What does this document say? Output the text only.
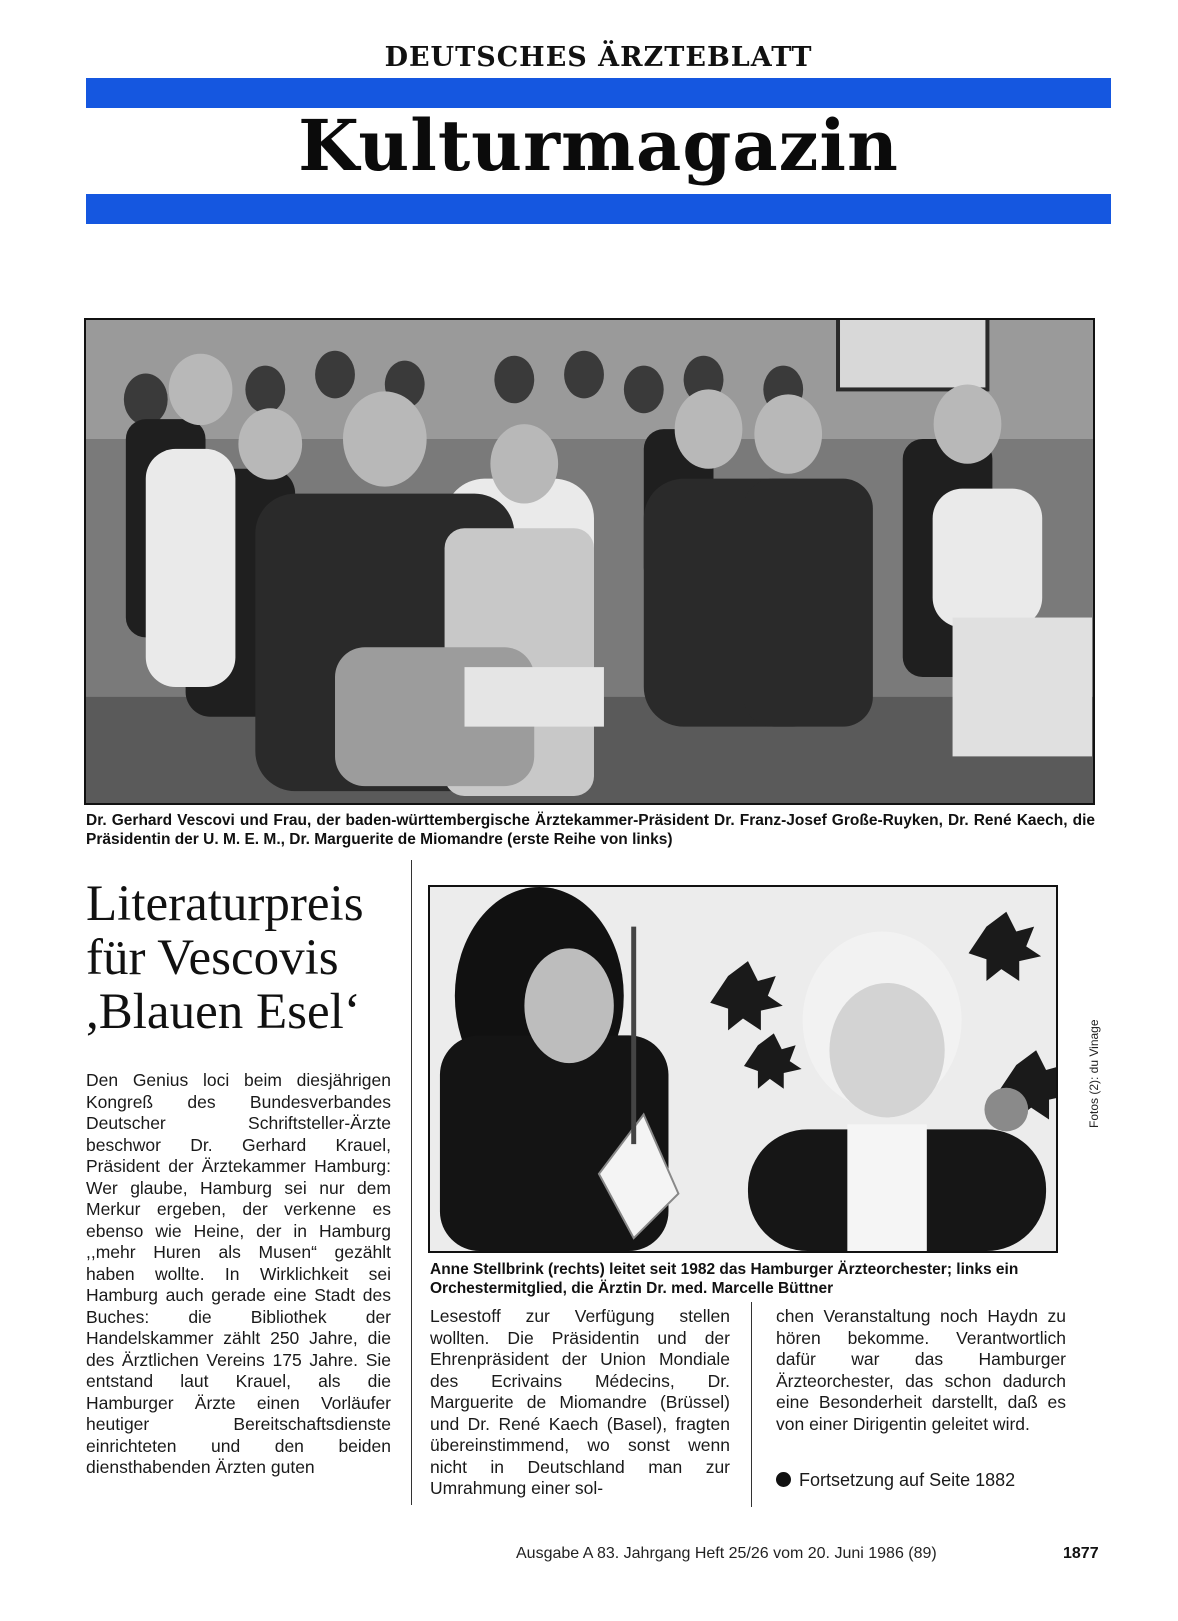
DEUTSCHES ÄRZTEBLATT
Kulturmagazin
Dr. Gerhard Vescovi und Frau, der baden-württembergische Ärztekammer-Präsident Dr. Franz-Josef Große-Ruyken, Dr. René Kaech, die Präsidentin der U. M. E. M., Dr. Marguerite de Miomandre (erste Reihe von links)
Literaturpreis für Vescovis ,Blauen Esel‘
Den Genius loci beim diesjährigen Kongreß des Bundesverbandes Deutscher Schriftsteller-Ärzte beschwor Dr. Gerhard Krauel, Präsident der Ärztekammer Hamburg: Wer glaube, Hamburg sei nur dem Merkur ergeben, der verkenne es ebenso wie Heine, der in Hamburg ,,mehr Huren als Musen“ gezählt haben wollte. In Wirklichkeit sei Hamburg auch gerade eine Stadt des Buches: die Bibliothek der Handelskammer zählt 250 Jahre, die des Ärztlichen Vereins 175 Jahre. Sie entstand laut Krauel, als die Hamburger Ärzte einen Vorläufer heutiger Bereitschaftsdienste einrichteten und den beiden diensthabenden Ärzten guten
Fotos (2): du Vinage
Anne Stellbrink (rechts) leitet seit 1982 das Hamburger Ärzteorchester; links ein Orchestermitglied, die Ärztin Dr. med. Marcelle Büttner
Lesestoff zur Verfügung stellen wollten. Die Präsidentin und der Ehrenpräsident der Union Mondiale des Ecrivains Médecins, Dr. Marguerite de Miomandre (Brüssel) und Dr. René Kaech (Basel), fragten übereinstimmend, wo sonst wenn nicht in Deutschland man zur Umrahmung einer sol-
chen Veranstaltung noch Haydn zu hören bekomme. Verantwortlich dafür war das Hamburger Ärzteorchester, das schon dadurch eine Besonderheit darstellt, daß es von einer Dirigentin geleitet wird.
Fortsetzung auf Seite 1882
Ausgabe A 83. Jahrgang Heft 25/26 vom 20. Juni 1986 (89)	1877
